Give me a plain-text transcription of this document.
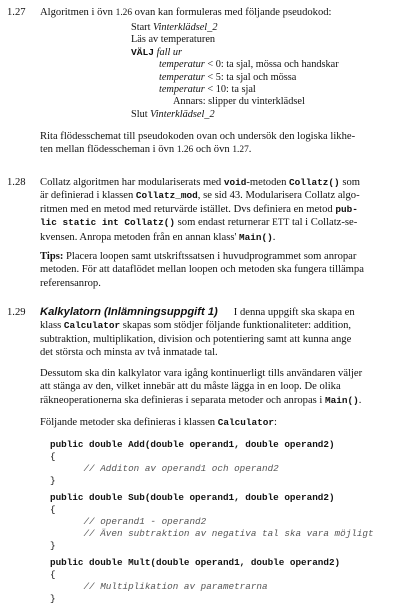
1.27 Algoritmen i övn 1.26 ovan kan formuleras med följande pseudokod:

Start Vinterklädsel_2
Läs av temperaturen
VÄLJ fall ur
temperatur < 0: ta sjal, mössa och handskar
temperatur < 5: ta sjal och mössa
temperatur < 10: ta sjal
Annars: slipper du vinterklädsel
Slut Vinterklädsel_2

Rita flödesschemat till pseudokoden ovan och undersök den logiska likhe-
ten mellan flödesscheman i övn 1.26 och övn 1.27.

1.28 Collatz algoritmen har modulariserats med void-metoden Collatz() som
är definierad i klassen Collatz_mod, se sid 43. Modularisera Collatz algo-
ritmen med en metod med returvärde istället. Dvs definiera en metod pub-
lic static int Collatz() som endast returnerar ETT tal i Collatz-se-
kvensen. Anropa metoden från en annan klass' Main().

Tips: Placera loopen samt utskriftssatsen i huvudprogrammet som anropar
metoden. För att dataflödet mellan loopen och metoden ska fungera tillämpa
referensanrop.

1.29 Kalkylatorn (Inlämningsuppgift 1) I denna uppgift ska skapa en
klass Calculator skapas som stödjer följande funktionaliteter: addition,
subtraktion, multiplikation, division och potentiering samt att kunna ange
det största och minsta av två inmatade tal.

Dessutom ska din kalkylator vara igång kontinuerligt tills användaren väljer
att stänga av den, vilket innebär att du måste lägga in en loop. De olika
räkneoperationerna ska definieras i separata metoder och anropas i Main().

Följande metoder ska definieras i klassen Calculator:

public double Add(double operand1, double operand2)
{
// Additon av operand1 och operand2
}
public double Sub(double operand1, double operand2)
{
// operand1 - operand2
// Även subtraktion av negativa tal ska vara möjligt
}
public double Mult(double operand1, double operand2)
{
// Multiplikation av parametrarna
}
